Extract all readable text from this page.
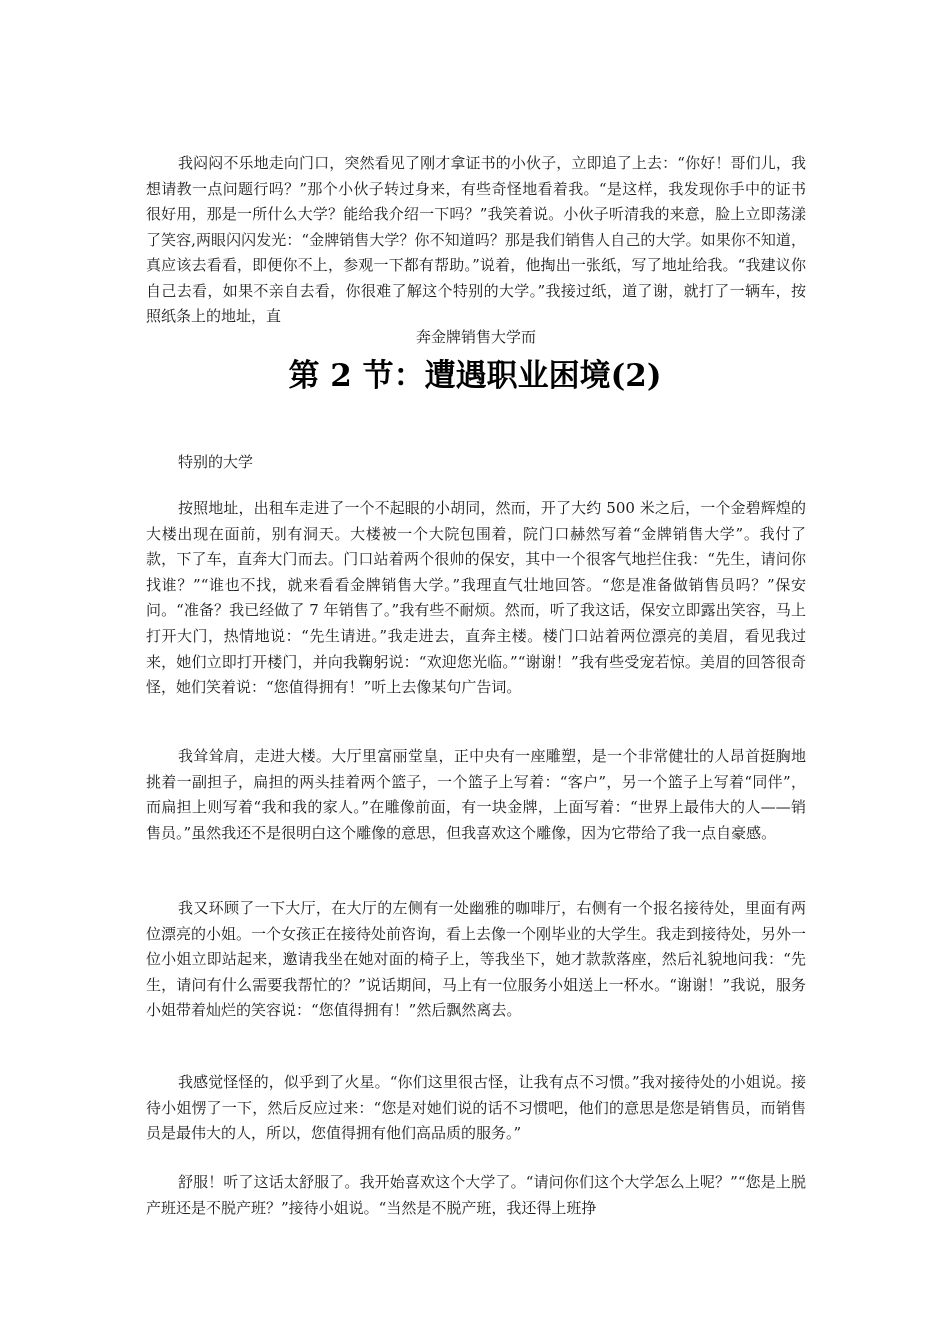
我闷闷不乐地走向门口，突然看见了刚才拿证书的小伙子，立即追了上去：“你好！哥们儿，我想请教一点问题行吗？”那个小伙子转过身来，有些奇怪地看着我。“是这样，我发现你手中的证书很好用，那是一所什么大学？能给我介绍一下吗？”我笑着说。小伙子听清我的来意，脸上立即荡漾了笑容,两眼闪闪发光：“金牌销售大学？你不知道吗？那是我们销售人自己的大学。如果你不知道，真应该去看看，即便你不上，参观一下都有帮助。”说着，他掏出一张纸，写了地址给我。“我建议你自己去看，如果不亲自去看，你很难了解这个特别的大学。”我接过纸，道了谢，就打了一辆车，按照纸条上的地址，直

奔金牌销售大学而

第 2 节：遭遇职业困境(2)

特别的大学

按照地址，出租车走进了一个不起眼的小胡同，然而，开了大约 500 米之后，一个金碧辉煌的大楼出现在面前，别有洞天。大楼被一个大院包围着，院门口赫然写着“金牌销售大学”。我付了款，下了车，直奔大门而去。门口站着两个很帅的保安，其中一个很客气地拦住我：“先生，请问你找谁？”“谁也不找，就来看看金牌销售大学。”我理直气壮地回答。“您是准备做销售员吗？”保安问。“准备？我已经做了 7 年销售了。”我有些不耐烦。然而，听了我这话，保安立即露出笑容，马上打开大门，热情地说：“先生请进。”我走进去，直奔主楼。楼门口站着两位漂亮的美眉，看见我过来，她们立即打开楼门，并向我鞠躬说：“欢迎您光临。”“谢谢！”我有些受宠若惊。美眉的回答很奇怪，她们笑着说：“您值得拥有！”听上去像某句广告词。

我耸耸肩，走进大楼。大厅里富丽堂皇，正中央有一座雕塑，是一个非常健壮的人昂首挺胸地挑着一副担子，扁担的两头挂着两个篮子，一个篮子上写着：“客户”，另一个篮子上写着“同伴”，而扁担上则写着“我和我的家人。”在雕像前面，有一块金牌，上面写着：“世界上最伟大的人——销售员。”虽然我还不是很明白这个雕像的意思，但我喜欢这个雕像，因为它带给了我一点自豪感。

我又环顾了一下大厅，在大厅的左侧有一处幽雅的咖啡厅，右侧有一个报名接待处，里面有两位漂亮的小姐。一个女孩正在接待处前咨询，看上去像一个刚毕业的大学生。我走到接待处，另外一位小姐立即站起来，邀请我坐在她对面的椅子上，等我坐下，她才款款落座，然后礼貌地问我：“先生，请问有什么需要我帮忙的？”说话期间，马上有一位服务小姐送上一杯水。“谢谢！”我说，服务小姐带着灿烂的笑容说：“您值得拥有！”然后飘然离去。

我感觉怪怪的，似乎到了火星。“你们这里很古怪，让我有点不习惯。”我对接待处的小姐说。接待小姐愣了一下，然后反应过来：“您是对她们说的话不习惯吧，他们的意思是您是销售员，而销售员是最伟大的人，所以，您值得拥有他们高品质的服务。”

舒服！听了这话太舒服了。我开始喜欢这个大学了。“请问你们这个大学怎么上呢？”“您是上脱产班还是不脱产班？”接待小姐说。“当然是不脱产班，我还得上班挣
